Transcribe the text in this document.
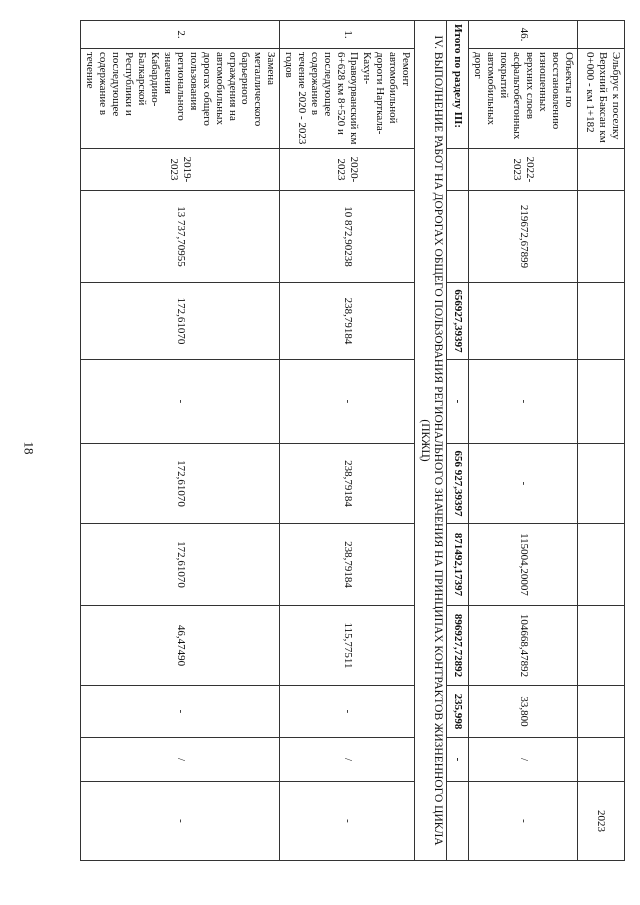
18
	Эльбрус к поселку Верхний Баксан км 0+000 - км 1+182										2023
46.	Объекты по восстановлению изношенных верхних слоев асфальтобетонных покрытий автомобильных дорог	2022-2023	219672,67899		-	-	115004,20007	104668,47892	33,800	/	-
Итого по разделу III:				656927,39397	-	656 927,39397	871492,17397	896927,72892	235,998	-	
IV. ВЫПОЛНЕНИЕ РАБОТ НА ДОРОГАХ ОБЩЕГО ПОЛЬЗОВАНИЯ РЕГИОНАЛЬНОГО ЗНАЧЕНИЯ НА ПРИНЦИПАХ КОНТРАКТОВ ЖИЗНЕННОГО ЦИКЛА (ПКЖЦ)											
1.	Ремонт автомобильной дороги Нарткала-Кахун-Правоурванский км 6+628 км 8+520 и последующее содержание в течение 2020 - 2023 годов	2020-2023	10 872,90238	238,79184	-	238,79184	238,79184	115,77511	-	/	-
2.	Замена металлического барьерного ограждения на автомобильных дорогах общего пользования регионального значения Кабардино-Балкарской Республики и последующее содержание в течение	2019-2023	13 737,70955	172,61070	-	172,61070	172,61070	46,47490	-	/	-
